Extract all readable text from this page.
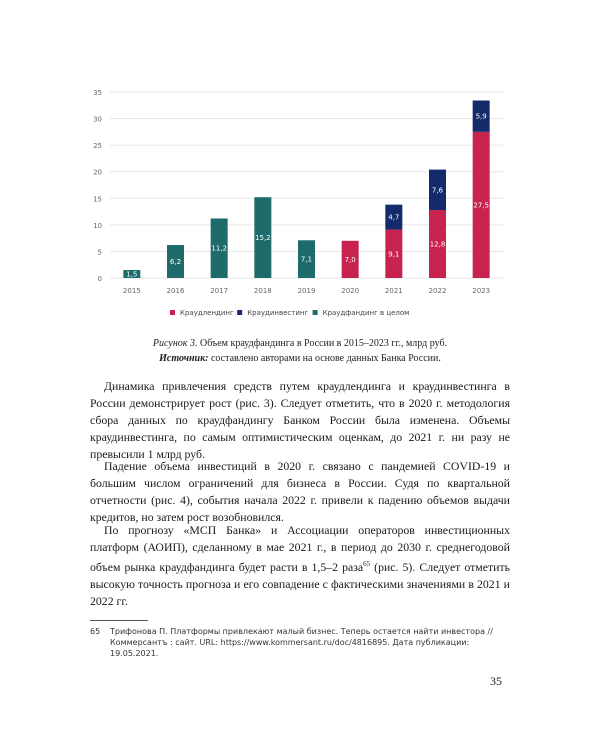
0
5
10
15
20
25
30
35
2015
1,5
2016
6,2
2017
11,2
2018
15,2
2019
7,1
2020
7,0
2021
9,1
4,7
2022
12,8
7,6
2023
27,5
5,9
Краудлендинг Краудинвестинг Краудфандинг в целом
Рисунок 3. Объем краудфандинга в России в 2015–2023 гг., млрд руб.
Источник: составлено авторами на основе данных Банка России.

Динамика привлечения средств путем краудлендинга и краудинвестинга в России демонстрирует рост (рис. 3). Следует отметить, что в 2020 г. методология сбора данных по краудфандингу Банком России была изменена. Объемы краудинвестинга, по самым оптимистическим оценкам, до 2021 г. ни разу не превысили 1 млрд руб.

Падение объема инвестиций в 2020 г. связано с пандемией COVID-19 и большим числом ограничений для бизнеса в России. Судя по квартальной отчетности (рис. 4), события начала 2022 г. привели к падению объемов выдачи кредитов, но затем рост возобновился.

По прогнозу «МСП Банка» и Ассоциации операторов инвестиционных платформ (АОИП), сделанному в мае 2021 г., в период до 2030 г. среднегодовой объем рынка краудфандинга будет расти в 1,5–2 раза$^{65}$ (рис. 5). Следует отметить высокую точность прогноза и его совпадение с фактическими значениями в 2021 и 2022 гг.

65	Трифонова П. Платформы привлекают малый бизнес. Теперь остается найти инвестора // Коммерсантъ : сайт. URL: https://www.kommersant.ru/doc/4816895. Дата публикации: 19.05.2021.
35
